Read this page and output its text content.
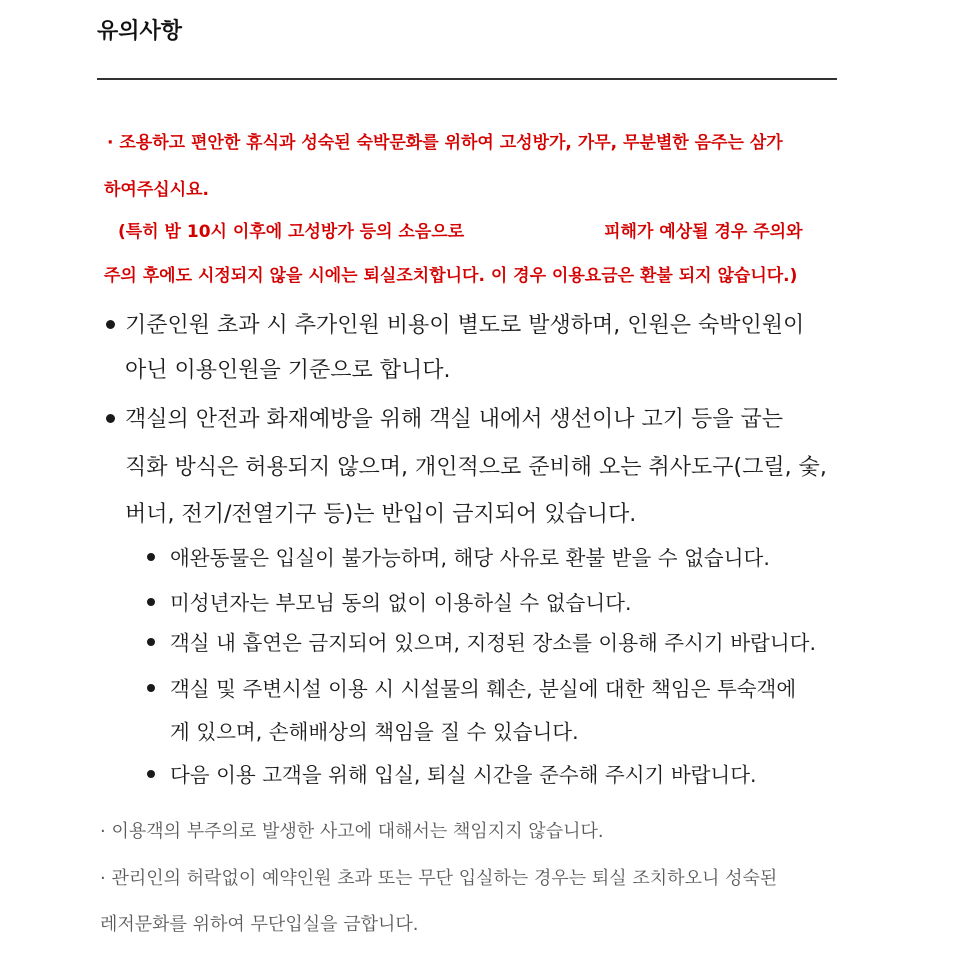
유의사항
· 조용하고 편안한 휴식과 성숙된 숙박문화를 위하여 고성방가, 가무, 무분별한 음주는 삼가
하여주십시요.
(특히 밤 10시 이후에 고성방가 등의 소음으로	피해가 예상될 경우 주의와
주의 후에도 시정되지 않을 시에는 퇴실조치합니다. 이 경우 이용요금은 환불 되지 않습니다.)
기준인원 초과 시 추가인원 비용이 별도로 발생하며, 인원은 숙박인원이
아닌 이용인원을 기준으로 합니다.
객실의 안전과 화재예방을 위해 객실 내에서 생선이나 고기 등을 굽는
직화 방식은 허용되지 않으며, 개인적으로 준비해 오는 취사도구(그릴, 숯,
버너, 전기/전열기구 등)는 반입이 금지되어 있습니다.
애완동물은 입실이 불가능하며, 해당 사유로 환불 받을 수 없습니다.
미성년자는 부모님 동의 없이 이용하실 수 없습니다.
객실 내 흡연은 금지되어 있으며, 지정된 장소를 이용해 주시기 바랍니다.
객실 및 주변시설 이용 시 시설물의 훼손, 분실에 대한 책임은 투숙객에
게 있으며, 손해배상의 책임을 질 수 있습니다.
다음 이용 고객을 위해 입실, 퇴실 시간을 준수해 주시기 바랍니다.
· 이용객의 부주의로 발생한 사고에 대해서는 책임지지 않습니다.
· 관리인의 허락없이 예약인원 초과 또는 무단 입실하는 경우는 퇴실 조치하오니 성숙된
레저문화를 위하여 무단입실을 금합니다.
